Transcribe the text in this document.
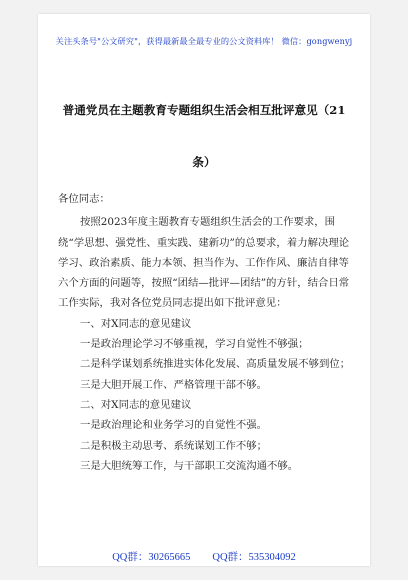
关注头条号"公文研究"，获得最新最全最专业的公文资料库！ 微信：gongwenyj
普通党员在主题教育专题组织生活会相互批评意见（21
条）

各位同志：

按照2023年度主题教育专题组织生活会的工作要求，围绕“学思想、强党性、重实践、建新功”的总要求，着力解决理论学习、政治素质、能力本领、担当作为、工作作风、廉洁自律等六个方面的问题等，按照“团结—批评—团结”的方针，结合日常工作实际，我对各位党员同志提出如下批评意见：

一、对X同志的意见建议

一是政治理论学习不够重视，学习自觉性不够强；

二是科学谋划系统推进实体化发展、高质量发展不够到位；

三是大胆开展工作、严格管理干部不够。

二、对X同志的意见建议

一是政治理论和业务学习的自觉性不强。

二是积极主动思考、系统谋划工作不够；

三是大胆统筹工作，与干部职工交流沟通不够。

QQ群：30265665 QQ群：535304092
